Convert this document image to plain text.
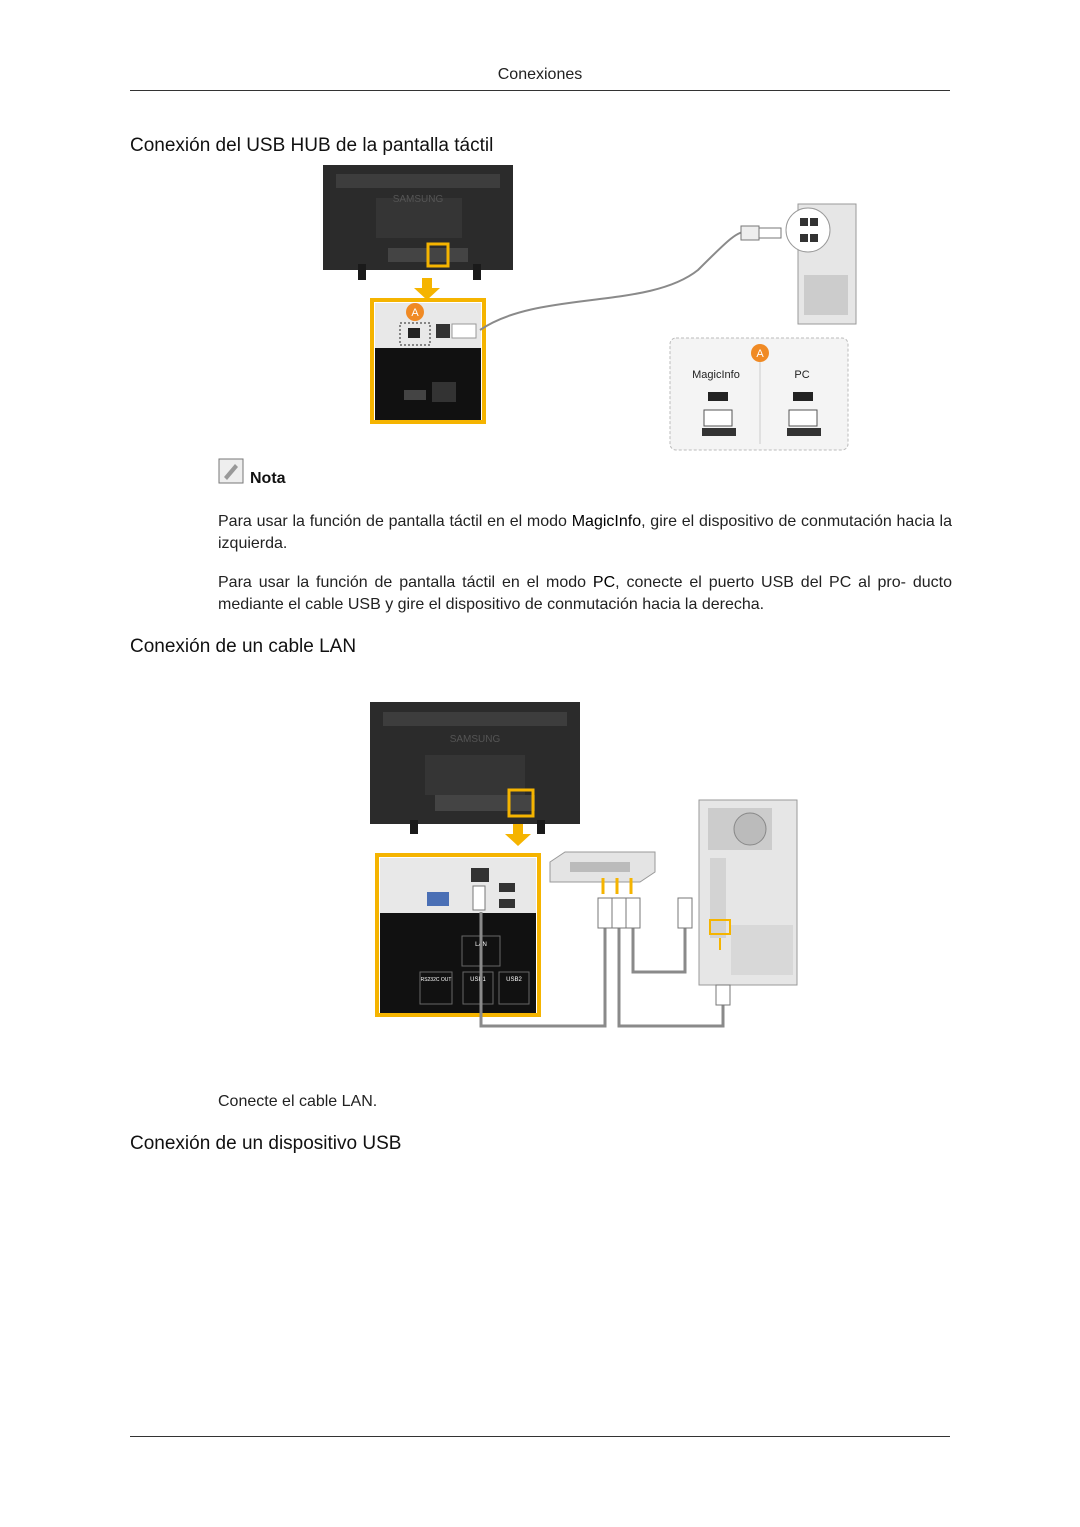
Conexiones
Conexión del USB HUB de la pantalla táctil
SAMSUNG
A
A
MagicInfo	PC
Nota
Para usar la función de pantalla táctil en el modo MagicInfo, gire el dispositivo de conmutación hacia la izquierda.
Para usar la función de pantalla táctil en el modo PC, conecte el puerto USB del PC al pro- ducto mediante el cable USB y gire el dispositivo de conmutación hacia la derecha.
Conexión de un cable LAN
SAMSUNG
LAN
RS232C OUT	USB1	USB2
Conecte el cable LAN.
Conexión de un dispositivo USB
